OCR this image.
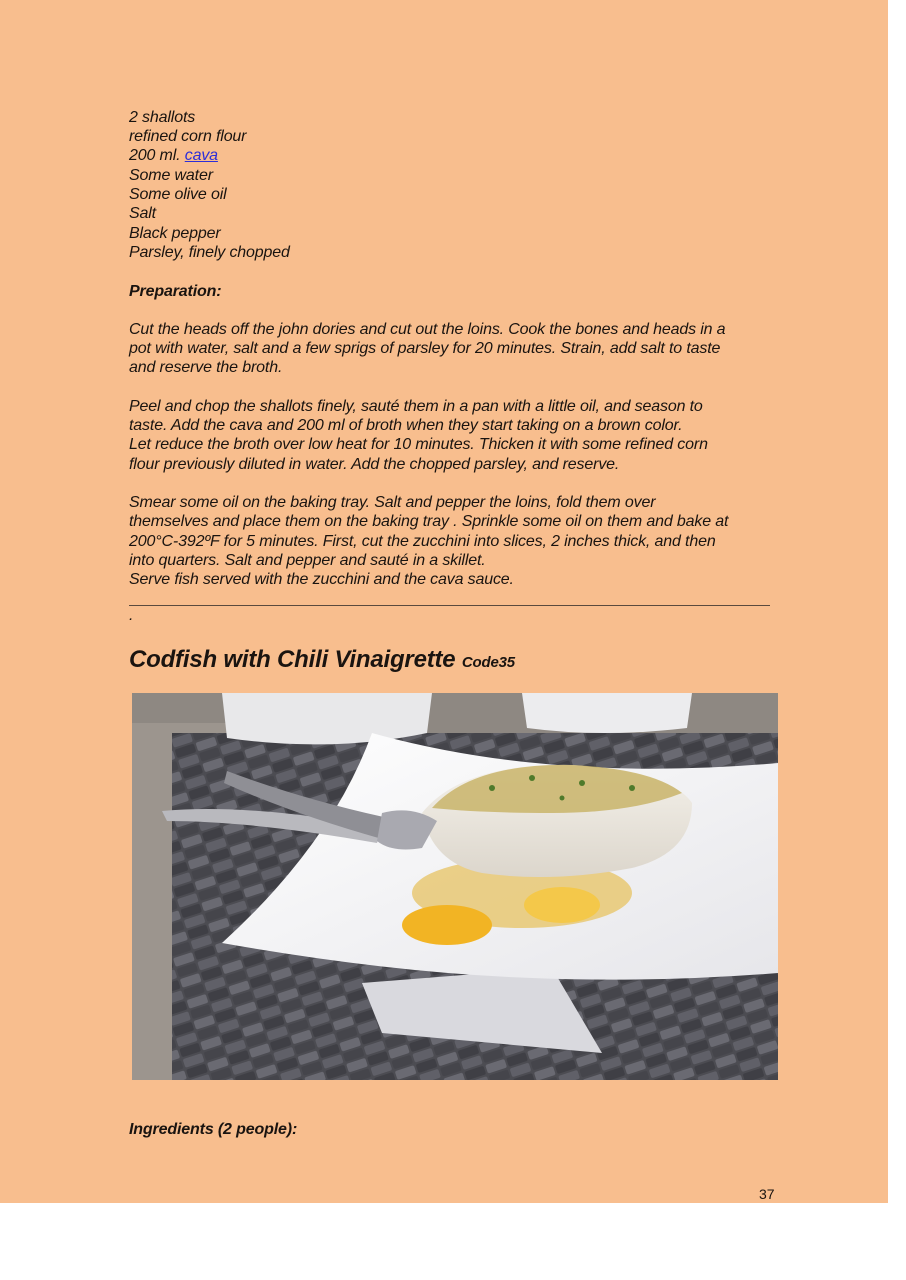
2 shallots
refined corn flour
200 ml. cava
Some water
Some olive oil
Salt
Black pepper
Parsley, finely chopped
Preparation:
Cut the heads off the john dories and cut out the loins. Cook the bones and heads in a
pot with water, salt and a few sprigs of parsley for 20 minutes. Strain, add salt to taste
and reserve the broth.
Peel and chop the shallots finely, sauté them in a pan with a little oil, and season to
taste. Add the cava and 200 ml of broth when they start taking on a brown color.
Let reduce the broth over low heat for 10 minutes. Thicken it with some refined corn
flour previously diluted in water. Add the chopped parsley, and reserve.
Smear some oil on the baking tray. Salt and pepper the loins, fold them over
themselves and place them on the baking tray . Sprinkle some oil on them and bake at
200°C-392ºF for 5 minutes. First, cut the zucchini into slices, 2 inches thick, and then
into quarters. Salt and pepper and sauté in a skillet.
Serve fish served with the zucchini and the cava sauce.
.
Codfish with Chili Vinaigrette Code35
Ingredients (2 people):
37
